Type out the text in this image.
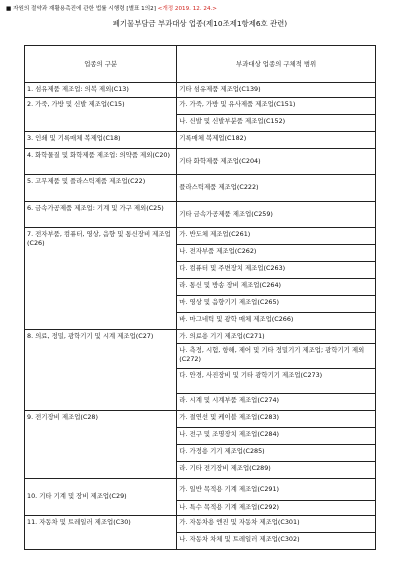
■ 자원의 절약과 재활용촉진에 관한 법률 시행령 [별표 1의2] <개정 2019. 12. 24.>
폐기물부담금 부과대상 업종(제10조제1항제6호 관련)
업종의 구분	부과대상 업종의 구체적 범위
1. 섬유제품 제조업: 의복 제외(C13)	기타 섬유제품 제조업(C139)
2. 가죽, 가방 및 신발 제조업(C15)	가. 가죽, 가방 및 유사제품 제조업(C151)
	나. 신발 및 신발부분품 제조업(C152)
3. 인쇄 및 기록매체 복제업(C18)	기록매체 복제업(C182)
4. 화학물질 및 화학제품 제조업: 의약품 제외(C20)	기타 화학제품 제조업(C204)
5. 고무제품 및 플라스틱제품 제조업(C22)	플라스틱제품 제조업(C222)
6. 금속가공제품 제조업: 기계 및 가구 제외(C25)	기타 금속가공제품 제조업(C259)
7. 전자부품, 컴퓨터, 영상, 음향 및 통신장비 제조업(C26)	가. 반도체 제조업(C261)
	나. 전자부품 제조업(C262)
	다. 컴퓨터 및 주변장치 제조업(C263)
	라. 통신 및 방송 장비 제조업(C264)
	마. 영상 및 음향기기 제조업(C265)
	바. 마그네틱 및 광학 매체 제조업(C266)
8. 의료, 정밀, 광학기기 및 시계 제조업(C27)	가. 의료용 기기 제조업(C271)
	나. 측정, 시험, 항해, 제어 및 기타 정밀기기 제조업; 광학기기 제외(C272)
	다. 안경, 사진장비 및 기타 광학기기 제조업(C273)
	라. 시계 및 시계부품 제조업(C274)
9. 전기장비 제조업(C28)	가. 절연선 및 케이블 제조업(C283)
	나. 전구 및 조명장치 제조업(C284)
	다. 가정용 기기 제조업(C285)
	라. 기타 전기장비 제조업(C289)
10. 기타 기계 및 장비 제조업(C29)	가. 일반 목적용 기계 제조업(C291)
	나. 특수 목적용 기계 제조업(C292)
11. 자동차 및 트레일러 제조업(C30)	가. 자동차용 엔진 및 자동차 제조업(C301)
	나. 자동차 차체 및 트레일러 제조업(C302)
